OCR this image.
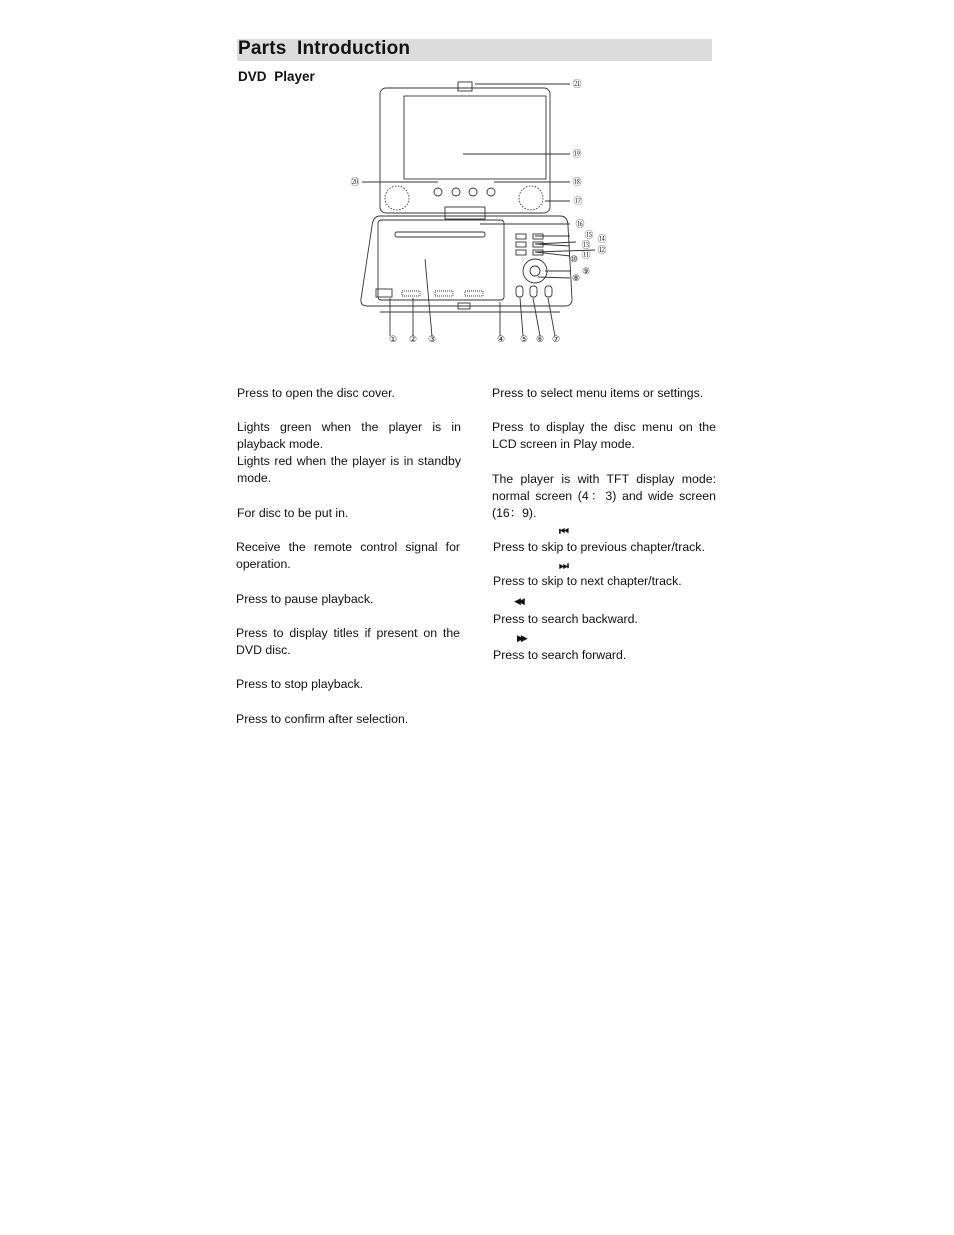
Parts Introduction
DVD Player
① ② ③	④ ⑤ ⑥ ⑦
⑧
⑨
⑩ ⑪ ⑫
⑬
⑭
⑮
⑯
⑰
⑱
⑲
⑳
㉑

Press to open the disc cover.

Lights green when the player is in playback mode.

Lights red when the player is in standby mode.

For disc to be put in.

Receive the remote control signal for operation.

Press to pause playback.

Press to display titles if present on the DVD disc.

Press to stop playback.

Press to confirm after selection.

Press to select menu items or settings.

Press to display the disc menu on the LCD screen in Play mode.

The player is with TFT display mode: normal screen (4：3) and wide screen (16：9).

⏮

Press to skip to previous chapter/track.

⏭

Press to skip to next chapter/track.

◀◀

Press to search backward.

▶▶

Press to search forward.
